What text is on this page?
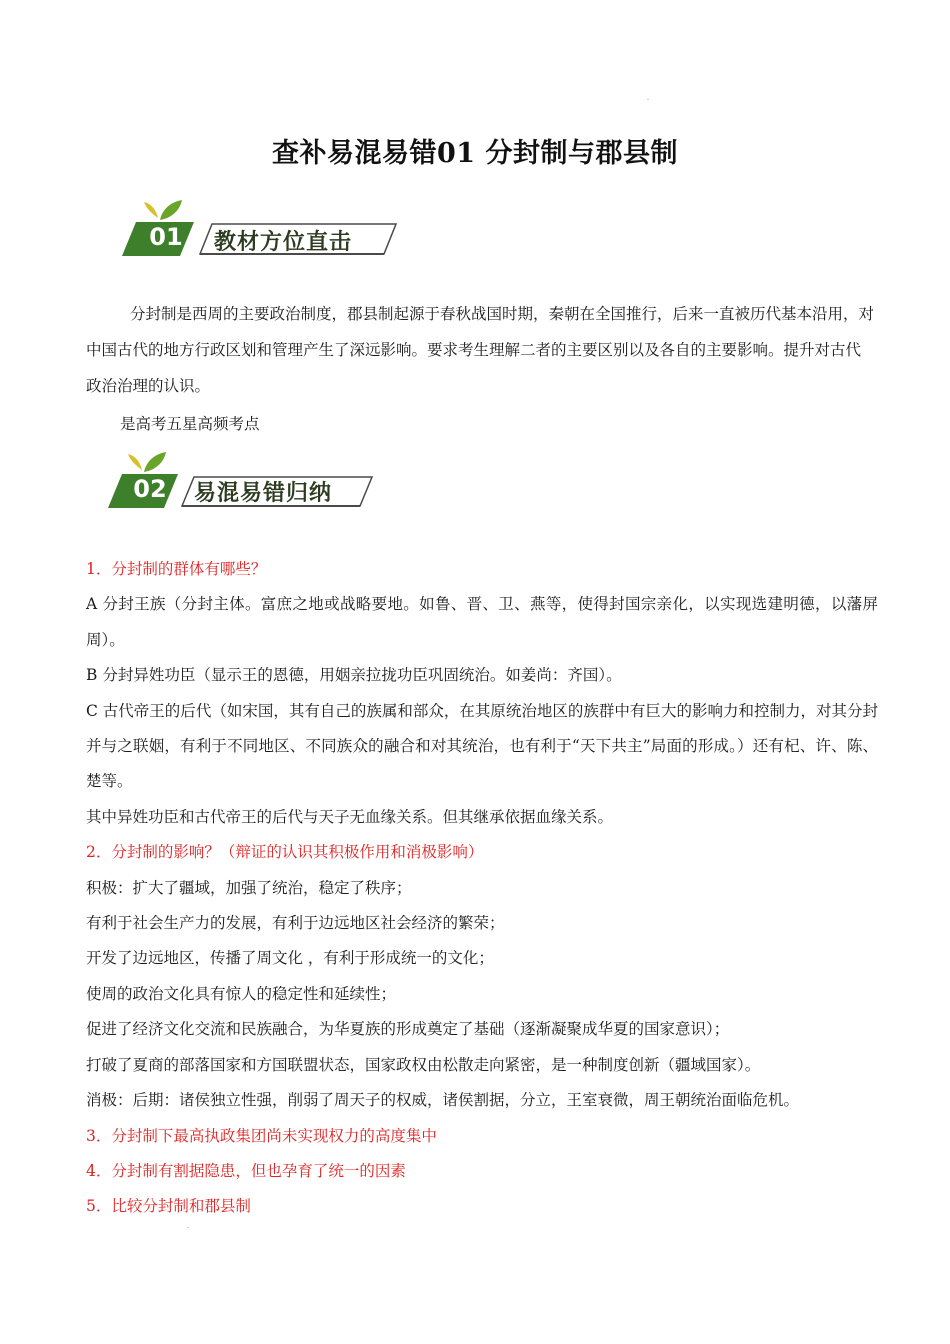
查补易混易错01 分封制与郡县制
01	教材方位直击
分封制是西周的主要政治制度，郡县制起源于春秋战国时期，秦朝在全国推行，后来一直被历代基本沿用，对中国古代的地方行政区划和管理产生了深远影响。要求考生理解二者的主要区别以及各自的主要影响。提升对古代政治治理的认识。
是高考五星高频考点
02	易混易错归纳

1．分封制的群体有哪些？

A 分封王族（分封主体。富庶之地或战略要地。如鲁、晋、卫、燕等，使得封国宗亲化，以实现选建明德，以藩屏周）。

B 分封异姓功臣（显示王的恩德，用姻亲拉拢功臣巩固统治。如姜尚：齐国）。

C 古代帝王的后代（如宋国，其有自己的族属和部众，在其原统治地区的族群中有巨大的影响力和控制力，对其分封并与之联姻，有利于不同地区、不同族众的融合和对其统治，也有利于“天下共主”局面的形成。）还有杞、许、陈、楚等。

其中异姓功臣和古代帝王的后代与天子无血缘关系。但其继承依据血缘关系。

2．分封制的影响？（辩证的认识其积极作用和消极影响）

积极：扩大了疆域，加强了统治，稳定了秩序；

有利于社会生产力的发展，有利于边远地区社会经济的繁荣；

开发了边远地区，传播了周文化 ，有利于形成统一的文化；

使周的政治文化具有惊人的稳定性和延续性；

促进了经济文化交流和民族融合，为华夏族的形成奠定了基础（逐渐凝聚成华夏的国家意识）；

打破了夏商的部落国家和方国联盟状态，国家政权由松散走向紧密，是一种制度创新（疆域国家）。

消极：后期：诸侯独立性强，削弱了周天子的权威，诸侯割据，分立，王室衰微，周王朝统治面临危机。

3．分封制下最高执政集团尚未实现权力的高度集中

4．分封制有割据隐患，但也孕育了统一的因素

5．比较分封制和郡县制
